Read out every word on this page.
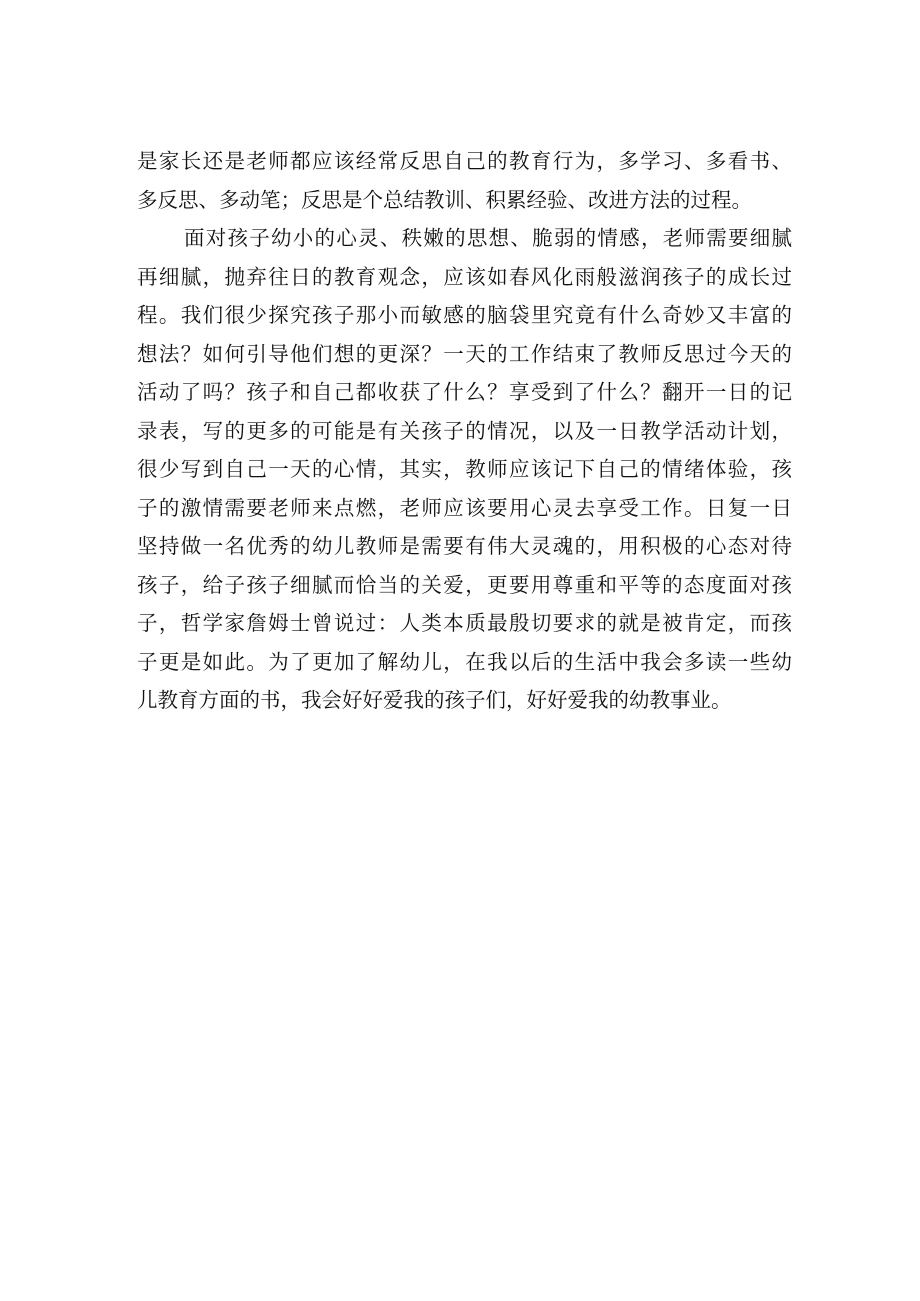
是家长还是老师都应该经常反思自己的教育行为，多学习、多看书、
多反思、多动笔；反思是个总结教训、积累经验、改进方法的过程。
面对孩子幼小的心灵、秩嫩的思想、脆弱的情感，老师需要细腻
再细腻，抛弃往日的教育观念，应该如春风化雨般滋润孩子的成长过
程。我们很少探究孩子那小而敏感的脑袋里究竟有什么奇妙又丰富的
想法？如何引导他们想的更深？一天的工作结束了教师反思过今天的
活动了吗？孩子和自己都收获了什么？享受到了什么？翻开一日的记
录表，写的更多的可能是有关孩子的情况，以及一日教学活动计划，
很少写到自己一天的心情，其实，教师应该记下自己的情绪体验，孩
子的激情需要老师来点燃，老师应该要用心灵去享受工作。日复一日
坚持做一名优秀的幼儿教师是需要有伟大灵魂的，用积极的心态对待
孩子，给子孩子细腻而恰当的关爱，更要用尊重和平等的态度面对孩
子，哲学家詹姆士曾说过：人类本质最殷切要求的就是被肯定，而孩
子更是如此。为了更加了解幼儿，在我以后的生活中我会多读一些幼
儿教育方面的书，我会好好爱我的孩子们，好好爱我的幼教事业。
